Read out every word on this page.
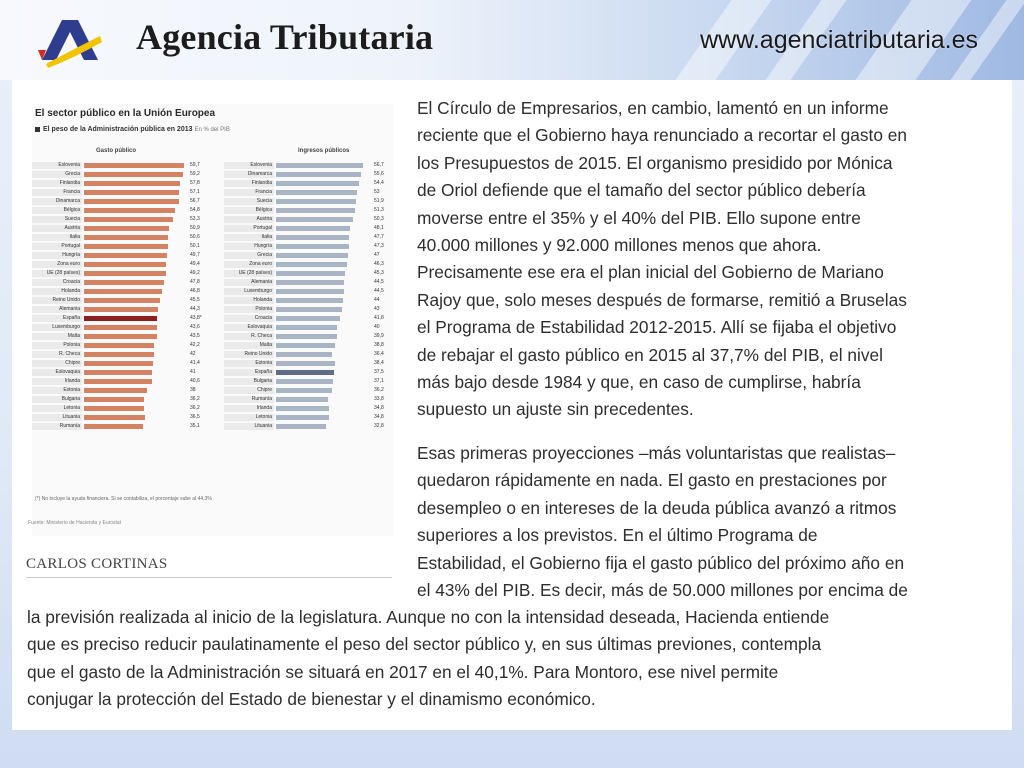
Agencia Tributaria	www.agenciatributaria.es
El sector público en la Unión Europea
El peso de la Administración pública en 2013 En % del PIB
Gasto público	Ingresos públicos
Eslovenia	59,7
Grecia	59,2
Finlandia	57,8
Francia	57,1
Dinamarca	56,7
Bélgica	54,8
Suecia	53,3
Austria	50,9
Italia	50,6
Portugal	50,1
Hungría	49,7
Zona euro	49,4
UE (28 países)	49,2
Croacia	47,8
Holanda	46,8
Reino Unido	45,5
Alemania	44,3
España	43,8*
Luxemburgo	43,6
Malta	43,5
Polonia	42,2
R. Checa	42
Chipre	41,4
Eslovaquia	41
Irlanda	40,6
Estonia	38
Bulgaria	36,2
Letonia	36,2
Lituania	36,5
Rumanía	35,1
Eslovenia	56,7
Dinamarca	55,6
Finlandia	54,4
Francia	53
Suecia	51,9
Bélgica	51,3
Austria	50,3
Portugal	48,1
Italia	47,7
Hungría	47,3
Grecia	47
Zona euro	46,3
UE (28 países)	45,3
Alemania	44,5
Luxemburgo	44,5
Holanda	44
Polonia	43
Croacia	41,8
Eslovaquia	40
R. Checa	39,9
Malta	38,8
Reino Unido	36,4
Estonia	38,4
España	37,5
Bulgaria	37,1
Chipre	36,2
Rumanía	33,8
Irlanda	34,8
Letonia	34,8
Lituania	32,8
(*) No incluye la ayuda financiera. Si se contabiliza, el porcentaje sube al 44,3%
Fuente: Ministerio de Hacienda y Eurostat
CARLOS CORTINAS
El Círculo de Empresarios, en cambio, lamentó en un informe
reciente que el Gobierno haya renunciado a recortar el gasto en
los Presupuestos de 2015. El organismo presidido por Mónica
de Oriol defiende que el tamaño del sector público debería
moverse entre el 35% y el 40% del PIB. Ello supone entre
40.000 millones y 92.000 millones menos que ahora.
Precisamente ese era el plan inicial del Gobierno de Mariano
Rajoy que, solo meses después de formarse, remitió a Bruselas
el Programa de Estabilidad 2012-2015. Allí se fijaba el objetivo
de rebajar el gasto público en 2015 al 37,7% del PIB, el nivel
más bajo desde 1984 y que, en caso de cumplirse, habría
supuesto un ajuste sin precedentes.
Esas primeras proyecciones –más voluntaristas que realistas–
quedaron rápidamente en nada. El gasto en prestaciones por
desempleo o en intereses de la deuda pública avanzó a ritmos
superiores a los previstos. En el último Programa de
Estabilidad, el Gobierno fija el gasto público del próximo año en
el 43% del PIB. Es decir, más de 50.000 millones por encima de
la previsión realizada al inicio de la legislatura. Aunque no con la intensidad deseada, Hacienda entiende
que es preciso reducir paulatinamente el peso del sector público y, en sus últimas previones, contempla
que el gasto de la Administración se situará en 2017 en el 40,1%. Para Montoro, ese nivel permite
conjugar la protección del Estado de bienestar y el dinamismo económico.
